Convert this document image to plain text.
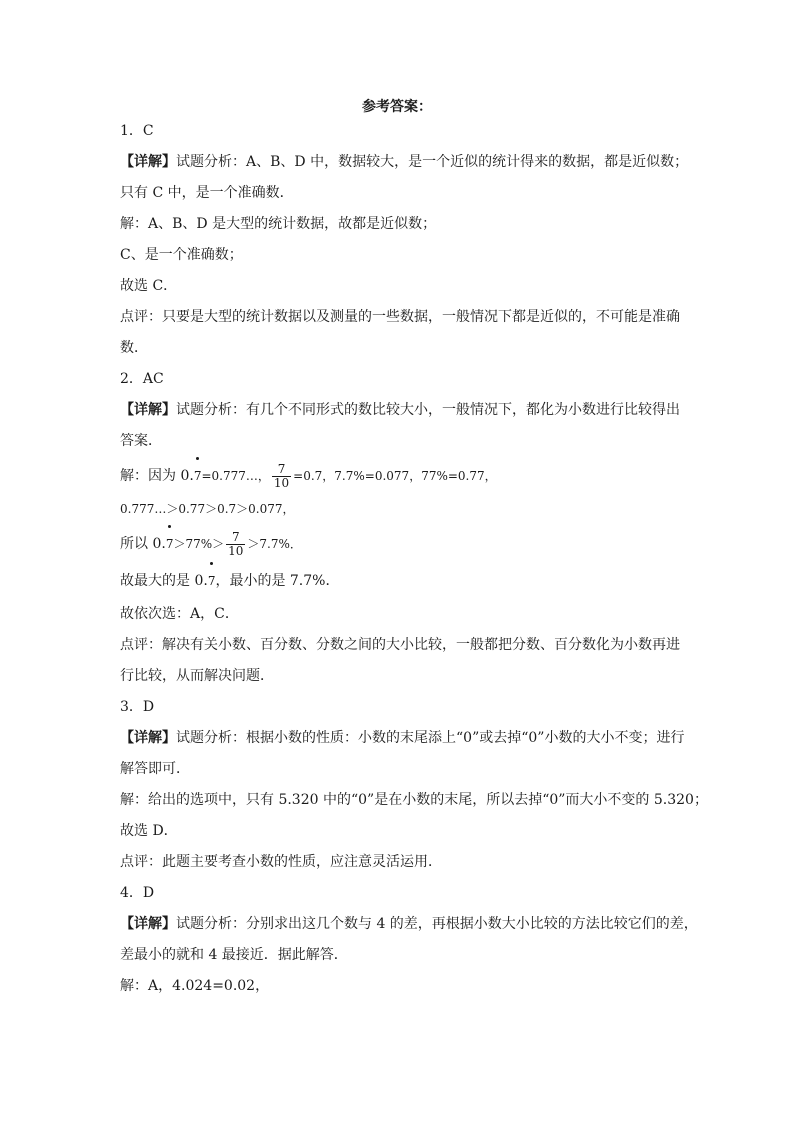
参考答案：
1．C
【详解】试题分析：A、B、D 中，数据较大，是一个近似的统计得来的数据，都是近似数；
只有 C 中，是一个准确数．
解：A、B、D 是大型的统计数据，故都是近似数；
C、是一个准确数；
故选 C．
点评：只要是大型的统计数据以及测量的一些数据，一般情况下都是近似的，不可能是准确
数．
2．AC
【详解】试题分析：有几个不同形式的数比较大小，一般情况下，都化为小数进行比较得出
答案．
解：因为 0.7=0.777…， $\frac{7}{10} =0.7$，7.7%=0.077，77%=0.77，
0.777…＞0.77＞0.7＞0.077，
所以 $0.7>77\%> \frac{7}{10} >7.7\%$．
故最大的是 0.7，最小的是 7.7%．
故依次选：A，C．
点评：解决有关小数、百分数、分数之间的大小比较，一般都把分数、百分数化为小数再进
行比较，从而解决问题．
3．D
【详解】试题分析：根据小数的性质：小数的末尾添上“0”或去掉“0”小数的大小不变；进行
解答即可．
解：给出的选项中，只有 5.320 中的“0”是在小数的末尾，所以去掉“0”而大小不变的 5.320；
故选 D．
点评：此题主要考查小数的性质，应注意灵活运用．
4．D
【详解】试题分析：分别求出这几个数与 4 的差，再根据小数大小比较的方法比较它们的差，
差最小的就和 4 最接近．据此解答．
解：A，4.024=0.02，
